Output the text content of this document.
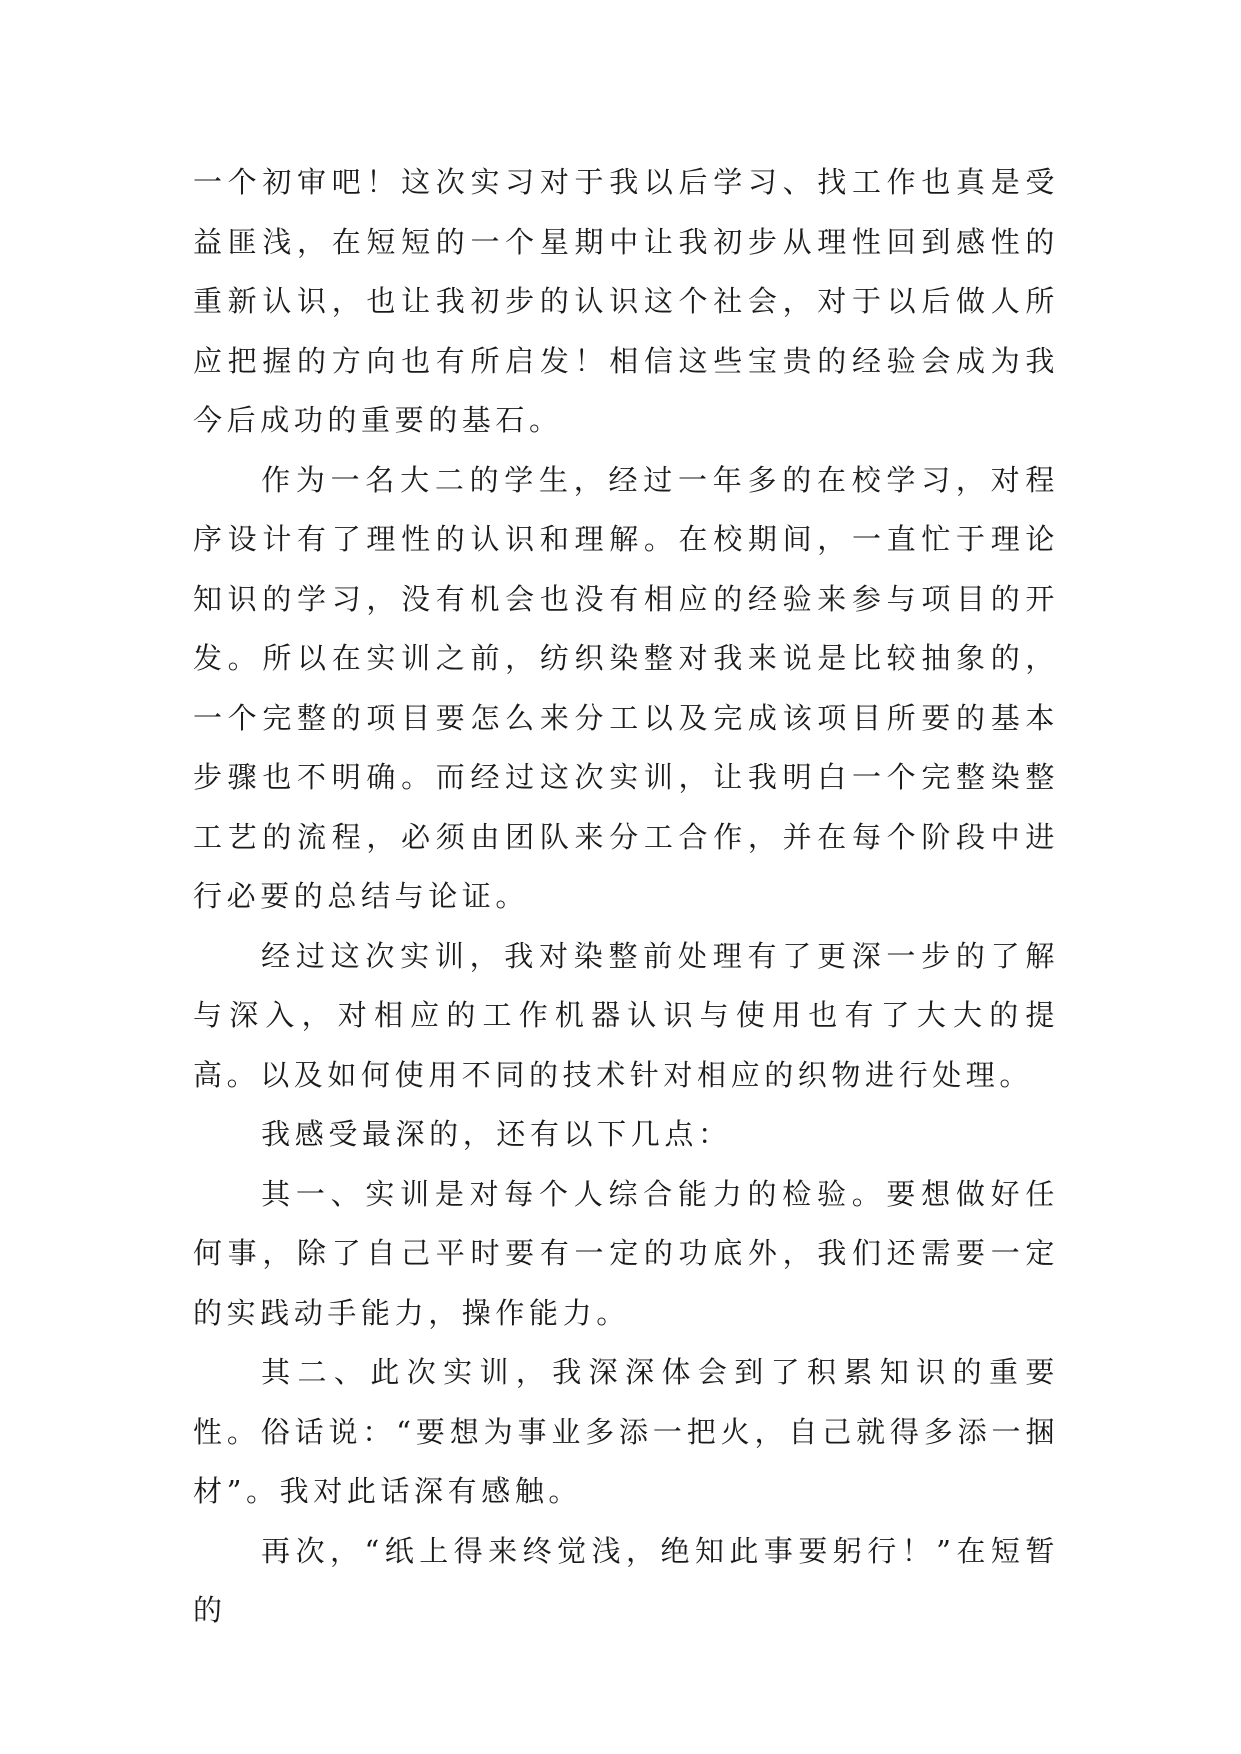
一个初审吧！这次实习对于我以后学习、找工作也真是受益匪浅，在短短的一个星期中让我初步从理性回到感性的重新认识，也让我初步的认识这个社会，对于以后做人所应把握的方向也有所启发！相信这些宝贵的经验会成为我今后成功的重要的基石。

作为一名大二的学生，经过一年多的在校学习，对程序设计有了理性的认识和理解。在校期间，一直忙于理论知识的学习，没有机会也没有相应的经验来参与项目的开发。所以在实训之前，纺织染整对我来说是比较抽象的，一个完整的项目要怎么来分工以及完成该项目所要的基本步骤也不明确。而经过这次实训，让我明白一个完整染整工艺的流程，必须由团队来分工合作，并在每个阶段中进行必要的总结与论证。

经过这次实训，我对染整前处理有了更深一步的了解与深入，对相应的工作机器认识与使用也有了大大的提高。以及如何使用不同的技术针对相应的织物进行处理。

我感受最深的，还有以下几点：

其一、实训是对每个人综合能力的检验。要想做好任何事，除了自己平时要有一定的功底外，我们还需要一定的实践动手能力，操作能力。

其二、此次实训，我深深体会到了积累知识的重要性。俗话说：“要想为事业多添一把火，自己就得多添一捆材”。我对此话深有感触。

再次，“纸上得来终觉浅，绝知此事要躬行！”在短暂的
